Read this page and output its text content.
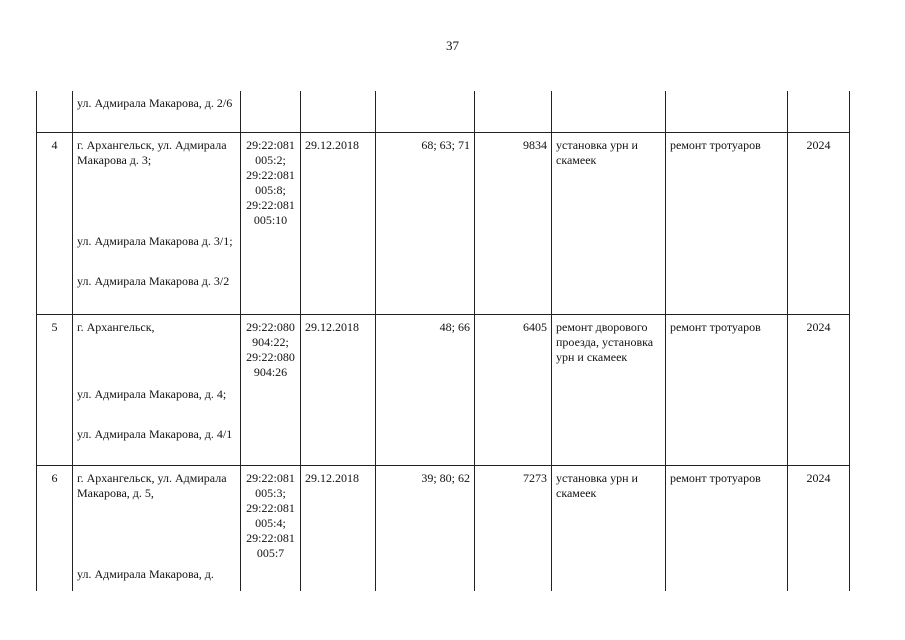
37

	ул. Адмирала Макарова, д. 2/6							

4	г. Архангельск, ул. Адмирала Макарова д. 3;
ул. Адмирала Макарова д. 3/1;
ул. Адмирала Макарова д. 3/2	29:22:081 005:2; 29:22:081 005:8; 29:22:081 005:10	29.12.2018	68; 63; 71	9834	установка урн и скамеек	ремонт тротуаров	2024
5	г. Архангельск,
ул. Адмирала Макарова, д. 4;
ул. Адмирала Макарова, д. 4/1	29:22:080 904:22; 29:22:080 904:26	29.12.2018	48; 66	6405	ремонт дворового проезда, установка урн и скамеек	ремонт тротуаров	2024
6	г. Архангельск, ул. Адмирала Макарова, д. 5,
ул. Адмирала Макарова, д.	29:22:081 005:3; 29:22:081 005:4; 29:22:081 005:7	29.12.2018	39; 80; 62	7273	установка урн и скамеек	ремонт тротуаров	2024
